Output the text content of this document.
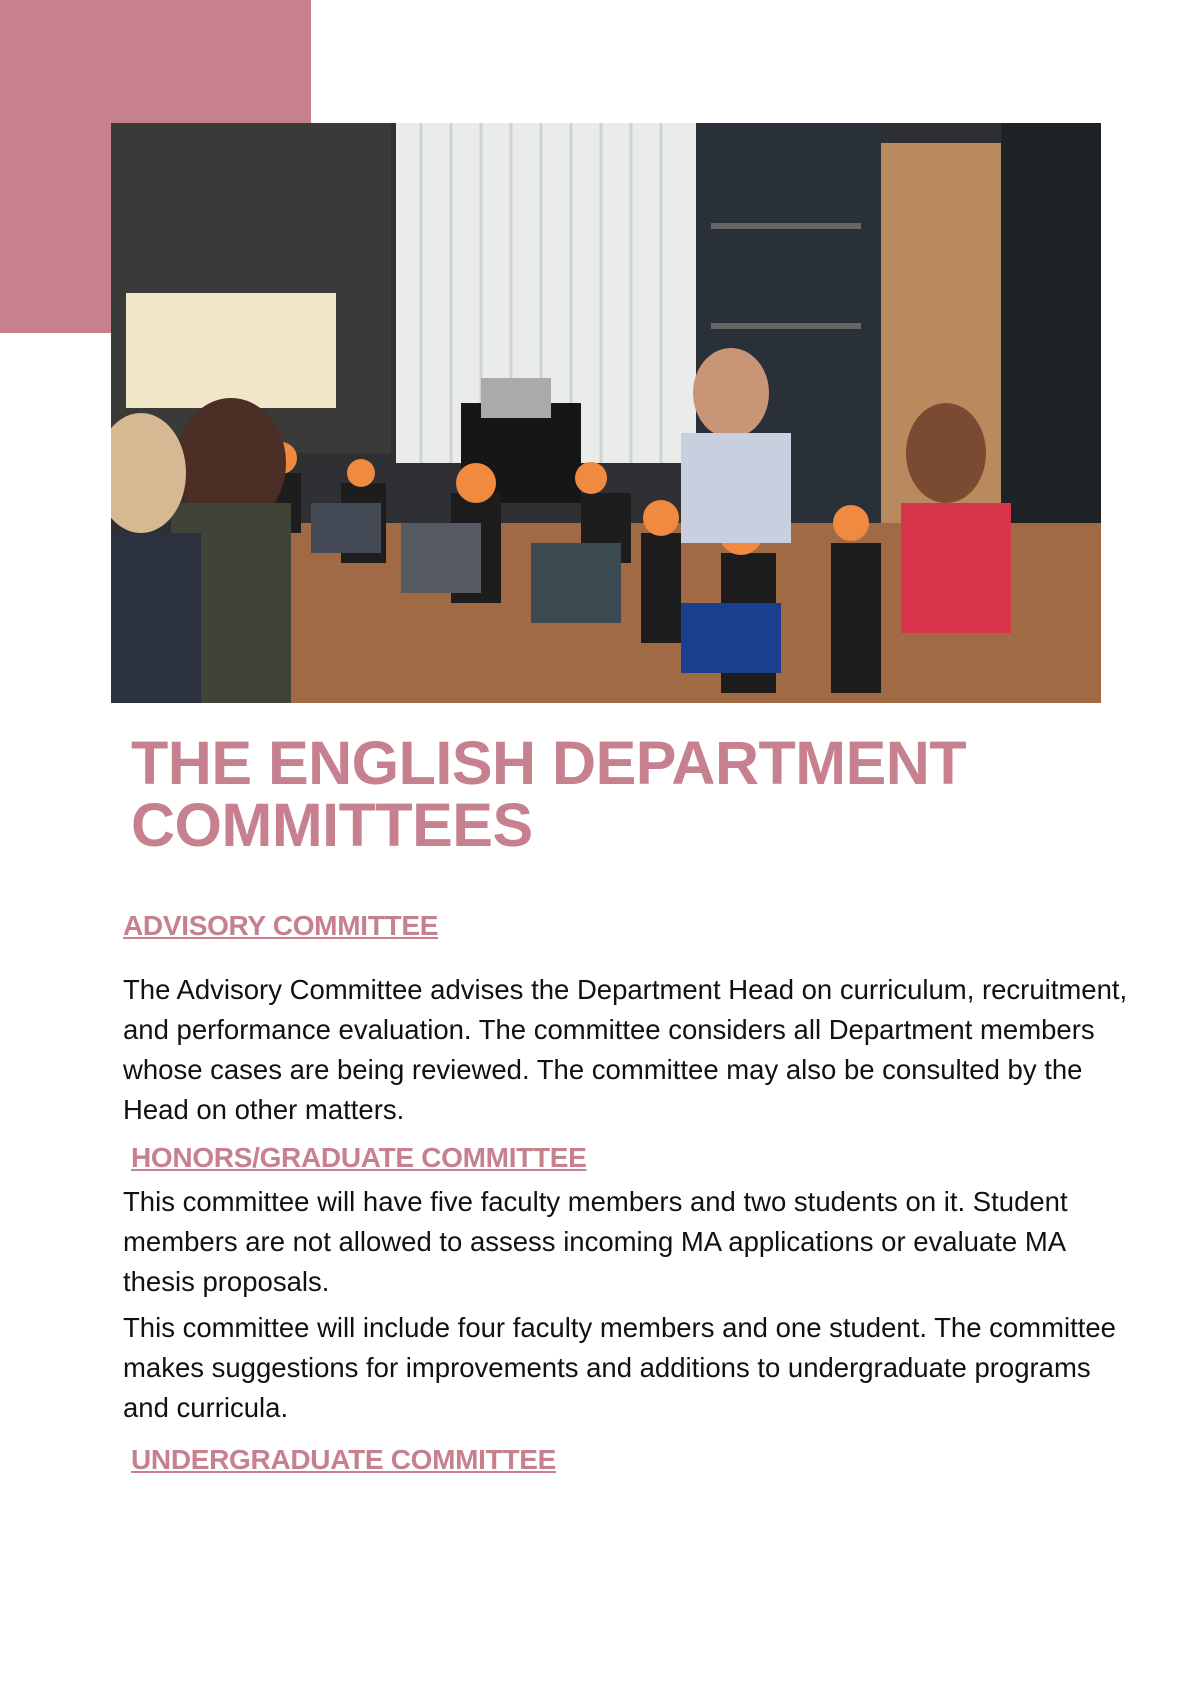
THE ENGLISH DEPARTMENT COMMITTEES
ADVISORY COMMITTEE

The Advisory Committee advises the Department Head on curriculum, recruitment, and performance evaluation. The committee considers all Department members whose cases are being reviewed. The committee may also be consulted by the Head on other matters.

HONORS/GRADUATE COMMITTEE

This committee will have five faculty members and two students on it. Student members are not allowed to assess incoming MA applications or evaluate MA thesis proposals.

This committee will include four faculty members and one student. The committee makes suggestions for improvements and additions to undergraduate programs and curricula.

UNDERGRADUATE COMMITTEE
